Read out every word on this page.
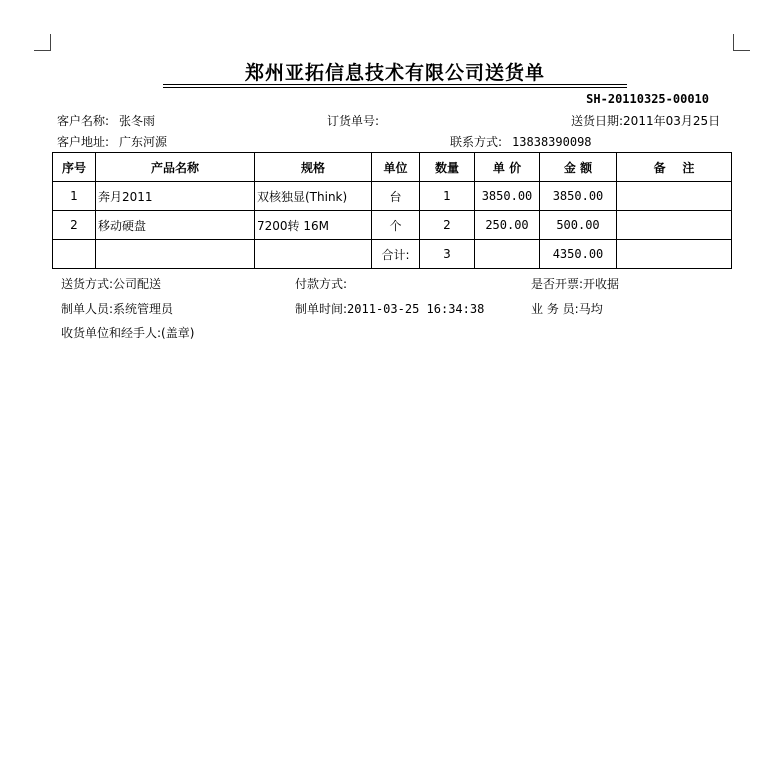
郑州亚拓信息技术有限公司送货单
SH-20110325-00010
客户名称: 张冬雨	订货单号:	送货日期:2011年03月25日
客户地址: 广东河源	联系方式: 13838390098
序号	产品名称	规格	单位	数量	单 价	金 额	备    注
1	奔月2011	双核独显(Think)	台	1	3850.00	3850.00	
2	移动硬盘	7200转 16M	个	2	250.00	500.00	
			合计:	3		4350.00	
送货方式:公司配送	付款方式:	是否开票:开收据
制单人员:系统管理员	制单时间:2011-03-25 16:34:38	业 务 员:马均
收货单位和经手人:(盖章)
